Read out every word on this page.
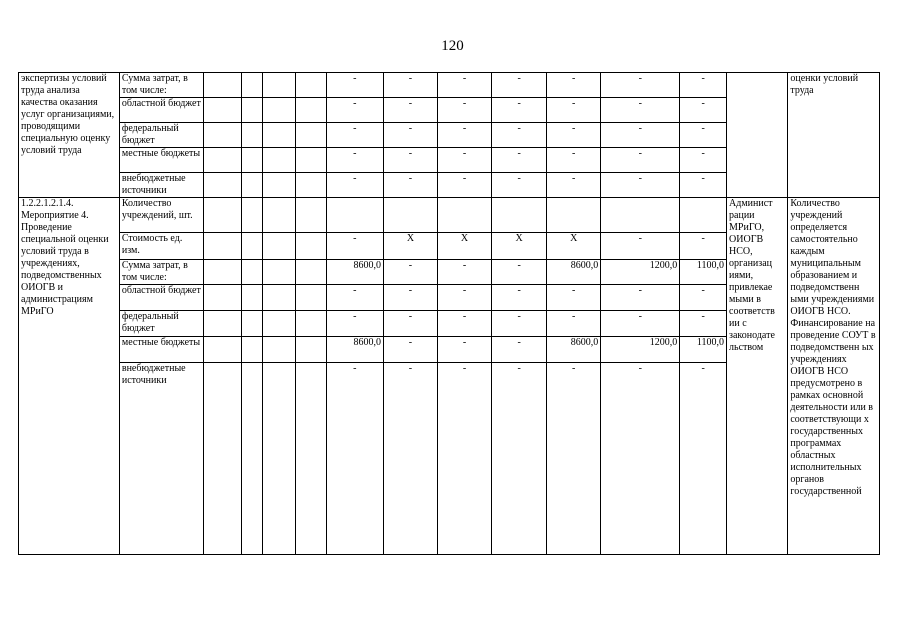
120
экспертизы условий труда анализа качества оказания услуг организациями, проводящими специальную оценку условий труда	Сумма затрат, в том числе:					-	-	-	-	-	-	-		оценки условий труда
	областной бюджет					-	-	-	-	-	-	-		
	федеральный бюджет					-	-	-	-	-	-	-		
	местные бюджеты					-	-	-	-	-	-	-		
	внебюджетные источники					-	-	-	-	-	-	-		
1.2.2.1.2.1.4. Мероприятие 4. Проведение специальной оценки условий труда в учреждениях, подведомственных ОИОГВ и администрациям МРиГО	Количество учреждений, шт.												Админист рации МРиГО, ОИОГВ НСО, организац иями, привлекае мыми в соответств ии с законодате льством	Количество учреждений определяется самостоятельно каждым муниципальным образованием и подведомственн ыми учреждениями ОИОГВ НСО. Финансирование на проведение СОУТ в подведомственн ых учреждениях ОИОГВ НСО предусмотрено в рамках основной деятельности или в соответствующи х государственных программах областных исполнительных органов государственной
	Стоимость ед. изм.					-	X	X	X	X	-	-		
	Сумма затрат, в том числе:					8600,0	-	-	-	8600,0	1200,0	1100,0		
	областной бюджет					-	-	-	-	-	-	-		
	федеральный бюджет					-	-	-	-	-	-	-		
	местные бюджеты					8600,0	-	-	-	8600,0	1200,0	1100,0		
	внебюджетные источники					-	-	-	-	-	-	-		
